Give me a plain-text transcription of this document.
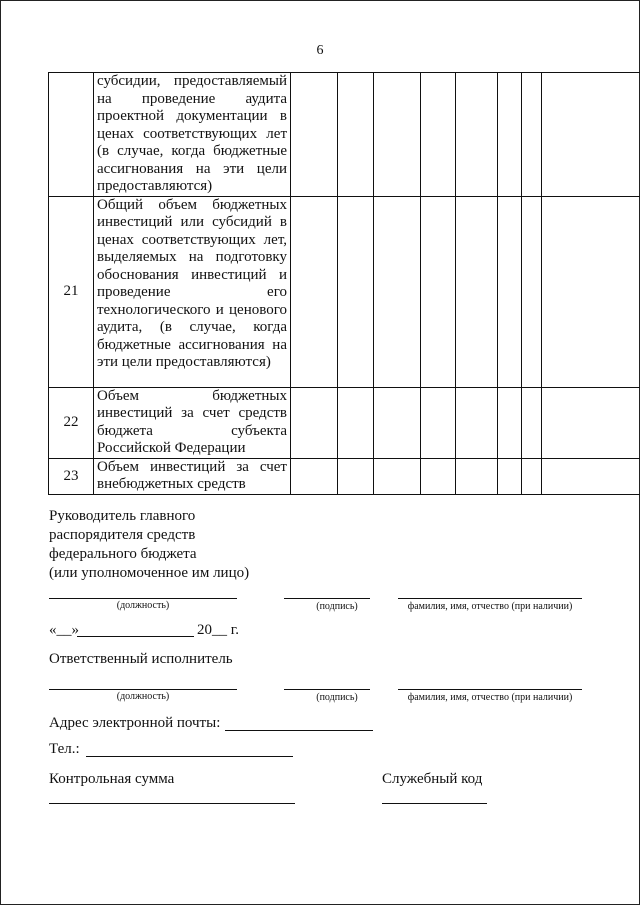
6

	субсидии, предоставляемый на проведение аудита проектной документации в ценах соответствующих лет (в случае, когда бюджетные ассигнования на эти цели предоставляются)								

21	Общий объем бюджетных инвестиций или субсидий в ценах соответствующих лет, выделяемых на подготовку обоснования инвестиций и проведение его технологического и ценового аудита, (в случае, когда бюджетные ассигнования на эти цели предоставляются)								

22	Объем бюджетных инвестиций за счет средств бюджета субъекта Российской Федерации								

23	Объем инвестиций за счет внебюджетных средств								

Руководитель главного
распорядителя средств
федерального бюджета
(или уполномоченное им лицо)
(должность)	(подпись)	фамилия, имя, отчество (при наличии)
«__»	20__ г.
Ответственный исполнитель
(должность)	(подпись)	фамилия, имя, отчество (при наличии)
Адрес электронной почты:
Тел.:
Контрольная сумма	Служебный код
